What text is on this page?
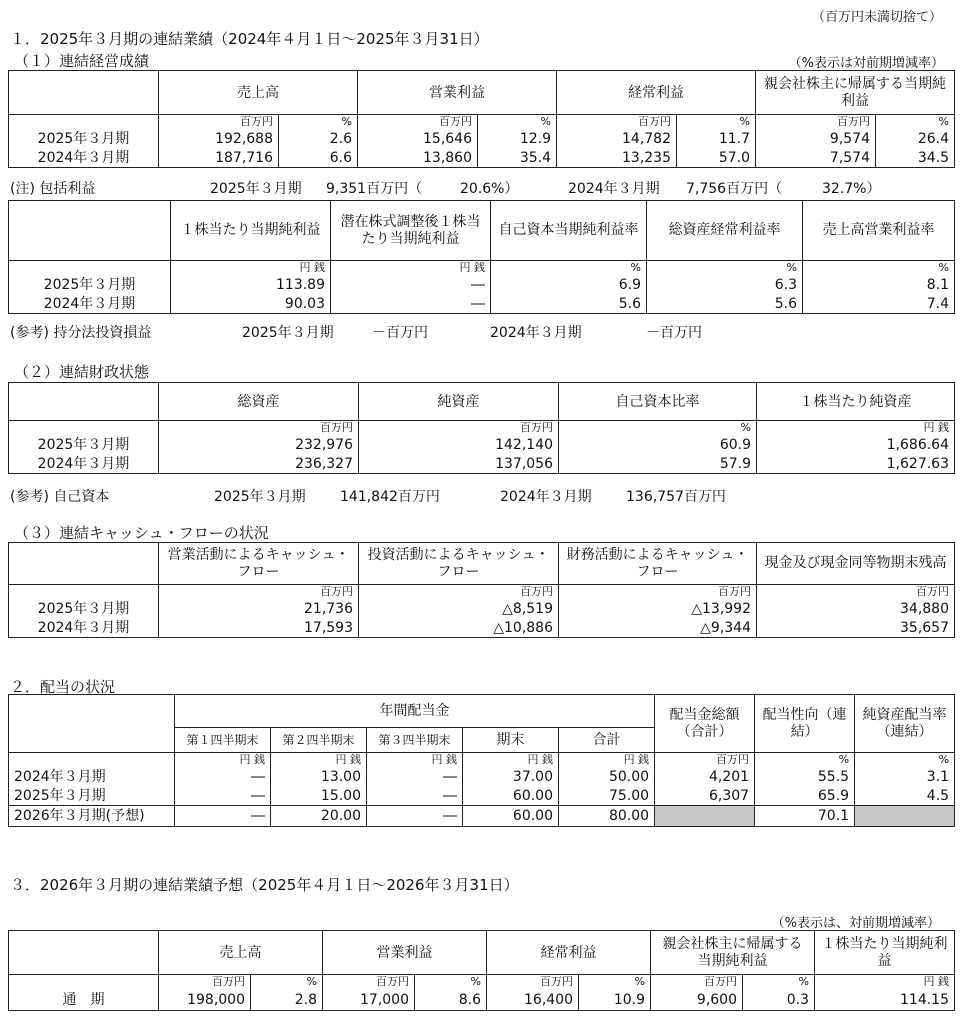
（百万円未満切捨て）
１．2025年３月期の連結業績（2024年４月１日～2025年３月31日）
（１）連結経営成績	（%表示は対前期増減率）
	売上高		営業利益		経常利益		親会社株主に帰属する当期純利益	
	百万円	%	百万円	%	百万円	%	百万円	%
2025年３月期	192,688	2.6	15,646	12.9	14,782	11.7	9,574	26.4
2024年３月期	187,716	6.6	13,860	35.4	13,235	57.0	7,574	34.5
(注) 包括利益	2025年３月期 9,351百万円（	20.6%）	2024年３月期 7,756百万円（	32.7%）
	１株当たり当期純利益	潜在株式調整後１株当たり当期純利益	自己資本当期純利益率	総資産経常利益率	売上高営業利益率
	円 銭	円 銭	%	%	%
2025年３月期	113.89	―	6.9	6.3	8.1
2024年３月期	90.03	―	5.6	5.6	7.4
(参考) 持分法投資損益	2025年３月期	－百万円	2024年３月期	－百万円
（２）連結財政状態
	総資産	純資産	自己資本比率	１株当たり純資産
	百万円	百万円	%	円 銭
2025年３月期	232,976	142,140	60.9	1,686.64
2024年３月期	236,327	137,056	57.9	1,627.63
(参考) 自己資本	2025年３月期 141,842百万円	2024年３月期 136,757百万円
（３）連結キャッシュ・フローの状況
	営業活動によるキャッシュ・フロー	投資活動によるキャッシュ・フロー	財務活動によるキャッシュ・フロー	現金及び現金同等物期末残高
	百万円	百万円	百万円	百万円
2025年３月期	21,736	△8,519	△13,992	34,880
2024年３月期	17,593	△10,886	△9,344	35,657
２．配当の状況
	年間配当金					配当金総額（合計）	配当性向（連結）	純資産配当率（連結）
	第１四半期末	第２四半期末	第３四半期末	期末	合計			
	円 銭	円 銭	円 銭	円 銭	円 銭	百万円	%	%
2024年３月期	―	13.00	―	37.00	50.00	4,201	55.5	3.1
2025年３月期	―	15.00	―	60.00	75.00	6,307	65.9	4.5
2026年３月期(予想)	―	20.00	―	60.00	80.00		70.1	
３．2026年３月期の連結業績予想（2025年４月１日～2026年３月31日）
（%表示は、対前期増減率）
	売上高		営業利益		経常利益		親会社株主に帰属する当期純利益		１株当たり当期純利益
	百万円	%	百万円	%	百万円	%	百万円	%	円 銭
通　期	198,000	2.8	17,000	8.6	16,400	10.9	9,600	0.3	114.15
